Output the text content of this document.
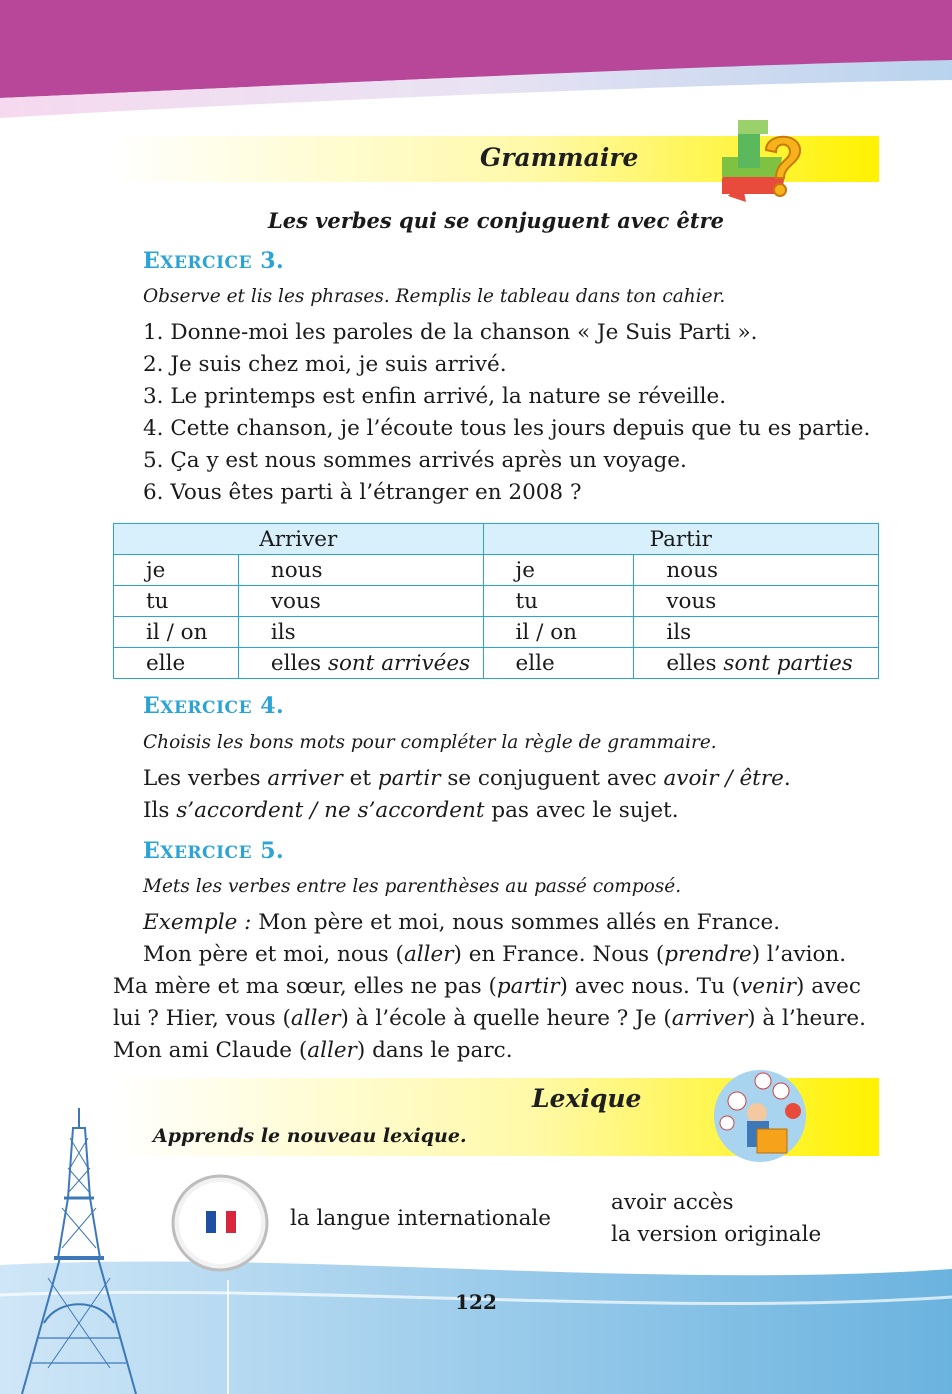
Grammaire
Les verbes qui se conjuguent avec être
EXERCICE 3.
Observe et lis les phrases. Remplis le tableau dans ton cahier.
1. Donne-moi les paroles de la chanson « Je Suis Parti ».
2. Je suis chez moi, je suis arrivé.
3. Le printemps est enfin arrivé, la nature se réveille.
4. Cette chanson, je l’écoute tous les jours depuis que tu es partie.
5. Ça y est nous sommes arrivés après un voyage.
6. Vous êtes parti à l’étranger en 2008 ?
Arriver		Partir	
je	nous	je	nous
tu	vous	tu	vous
il / on	ils	il / on	ils
elle	elles sont arrivées	elle	elles sont parties
EXERCICE 4.
Choisis les bons mots pour compléter la règle de grammaire.
Les verbes arriver et partir se conjuguent avec avoir / être.
Ils s’accordent / ne s’accordent pas avec le sujet.
EXERCICE 5.
Mets les verbes entre les parenthèses au passé composé.
Exemple : Mon père et moi, nous sommes allés en France.
Mon père et moi, nous (aller) en France. Nous (prendre) l’avion.
Ma mère et ma sœur, elles ne pas (partir) avec nous. Tu (venir) avec
lui ? Hier, vous (aller) à l’école à quelle heure ? Je (arriver) à l’heure.
Mon ami Claude (aller) dans le parc.
Lexique
Apprends le nouveau lexique.
la langue internationale
avoir accès
la version originale
122
